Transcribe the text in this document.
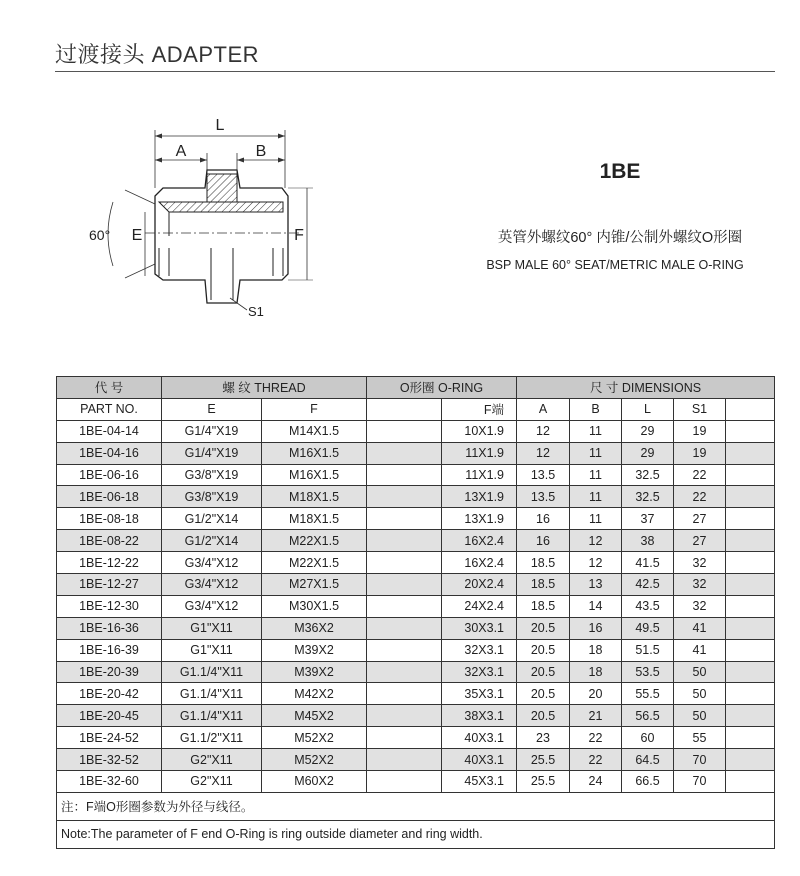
过渡接头 ADAPTER
L
A	B
E	F
60°
S1
1BE
英管外螺纹60° 内锥/公制外螺纹O形圈
BSP MALE 60° SEAT/METRIC MALE O-RING
代 号	螺 纹 THREAD		O形圈 O-RING		尺 寸 DIMENSIONS				
PART NO.	E	F		F端	A	B	L	S1	
1BE-04-14	G1/4"X19	M14X1.5		10X1.9	12	11	29	19	
1BE-04-16	G1/4"X19	M16X1.5		11X1.9	12	11	29	19	
1BE-06-16	G3/8"X19	M16X1.5		11X1.9	13.5	11	32.5	22	
1BE-06-18	G3/8"X19	M18X1.5		13X1.9	13.5	11	32.5	22	
1BE-08-18	G1/2"X14	M18X1.5		13X1.9	16	11	37	27	
1BE-08-22	G1/2"X14	M22X1.5		16X2.4	16	12	38	27	
1BE-12-22	G3/4"X12	M22X1.5		16X2.4	18.5	12	41.5	32	
1BE-12-27	G3/4"X12	M27X1.5		20X2.4	18.5	13	42.5	32	
1BE-12-30	G3/4"X12	M30X1.5		24X2.4	18.5	14	43.5	32	
1BE-16-36	G1"X11	M36X2		30X3.1	20.5	16	49.5	41	
1BE-16-39	G1"X11	M39X2		32X3.1	20.5	18	51.5	41	
1BE-20-39	G1.1/4"X11	M39X2		32X3.1	20.5	18	53.5	50	
1BE-20-42	G1.1/4"X11	M42X2		35X3.1	20.5	20	55.5	50	
1BE-20-45	G1.1/4"X11	M45X2		38X3.1	20.5	21	56.5	50	
1BE-24-52	G1.1/2"X11	M52X2		40X3.1	23	22	60	55	
1BE-32-52	G2"X11	M52X2		40X3.1	25.5	22	64.5	70	
1BE-32-60	G2"X11	M60X2		45X3.1	25.5	24	66.5	70	
注：F端O形圈参数为外径与线径。									
Note:The parameter of F end O-Ring is ring outside diameter and ring width.									
